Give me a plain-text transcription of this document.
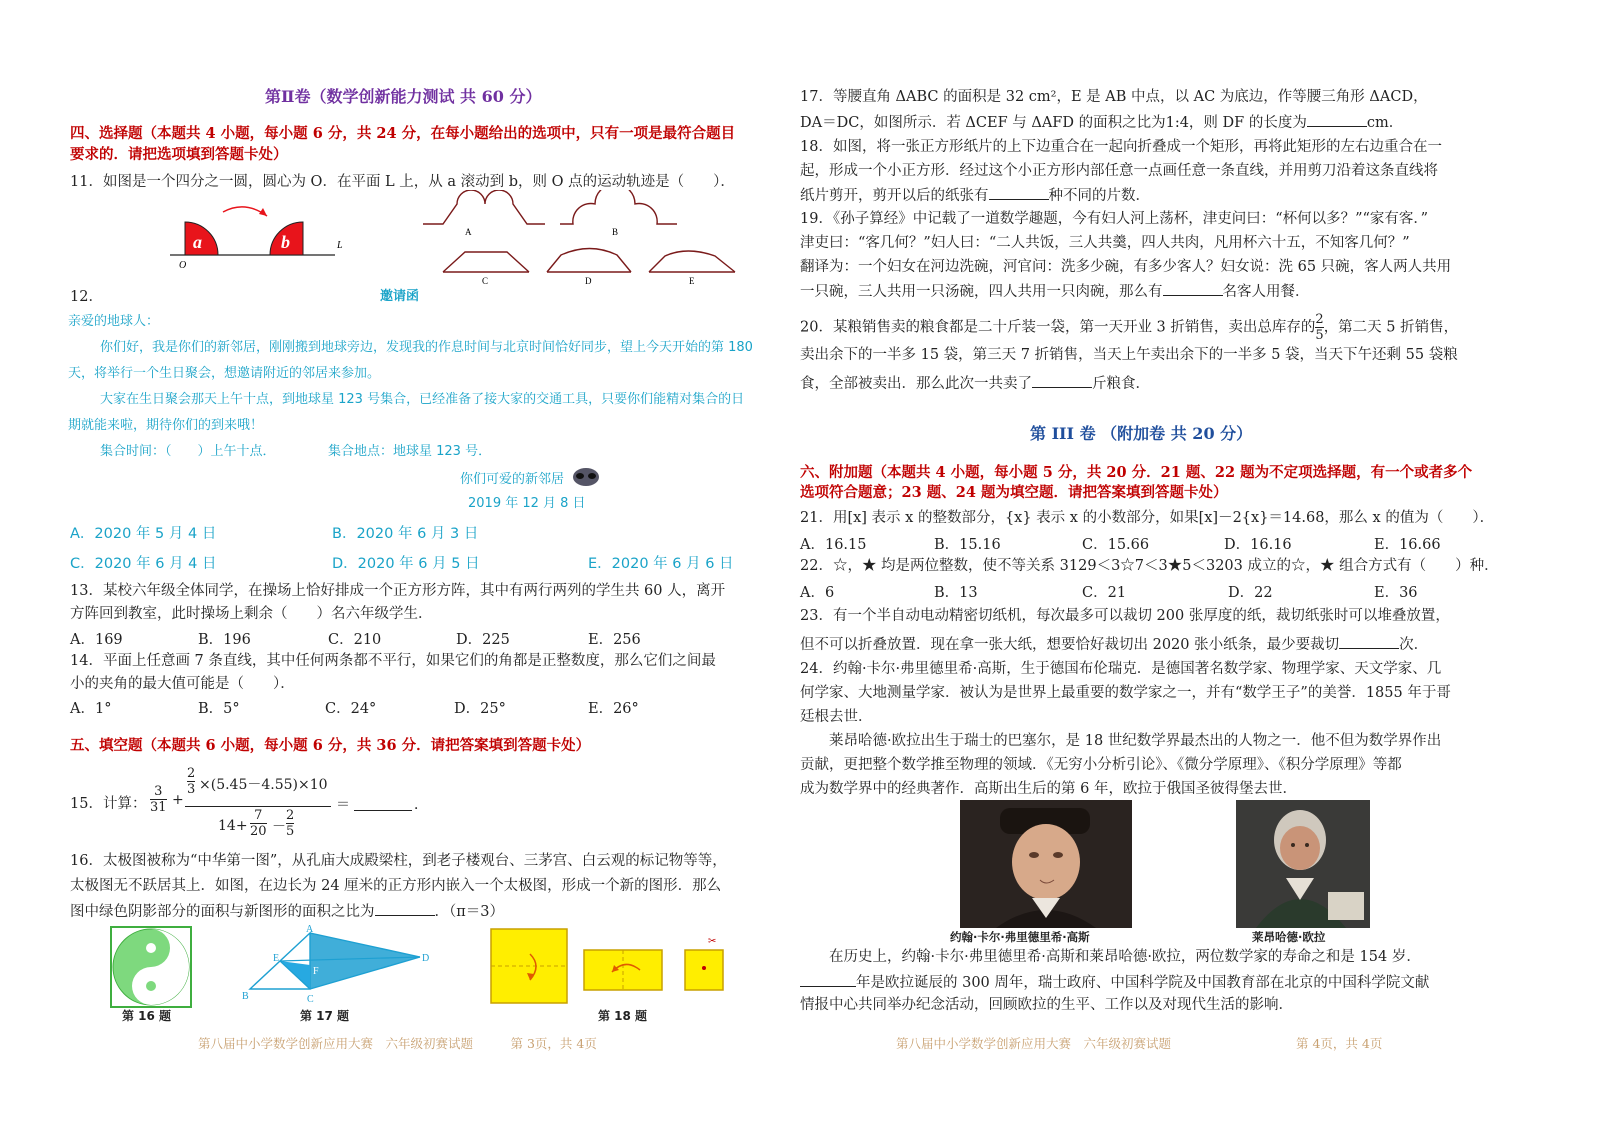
第Ⅱ卷（数学创新能力测试 共 60 分）
四、选择题（本题共 4 小题，每小题 6 分，共 24 分，在每小题给出的选项中，只有一项是最符合题目
要求的．请把选项填到答题卡处）
11．如图是一个四分之一圆，圆心为 O．在平面 L 上，从 a 滚动到 b，则 O 点的运动轨迹是（　　）．
a	b
O
L
A	B
C	D	E
12．	邀请函
亲爱的地球人：
你们好，我是你们的新邻居，刚刚搬到地球旁边，发现我的作息时间与北京时间恰好同步，望上今天开始的第 180
天，将举行一个生日聚会，想邀请附近的邻居来参加。
大家在生日聚会那天上午十点，到地球星 123 号集合，已经准备了接大家的交通工具，只要你们能精对集合的日
期就能来啦，期待你们的到来哦！
集合时间：（　　）上午十点．	集合地点：地球星 123 号．
你们可爱的新邻居
2019 年 12 月 8 日
A．2020 年 5 月 4 日	B．2020 年 6 月 3 日
C．2020 年 6 月 4 日	D．2020 年 6 月 5 日	E．2020 年 6 月 6 日
13．某校六年级全体同学，在操场上恰好排成一个正方形方阵，其中有两行两列的学生共 60 人，离开
方阵回到教室，此时操场上剩余（　　）名六年级学生．
A．169	B．196	C．210	D．225	E．256
14．平面上任意画 7 条直线，其中任何两条都不平行，如果它们的角都是正整数度，那么它们之间最
小的夹角的最大值可能是（　　）．
A．1°	B．5°	C．24°	D．25°	E．26°
五、填空题（本题共 6 小题，每小题 6 分，共 36 分．请把答案填到答题卡处）
15．计算： $\frac{3}{31}$ +
$\frac{2}{3} \times(5.45-4.55)\times 10$
$14+ \frac{7}{20} - \frac{2}{5}$
＝	．
16．太极图被称为“中华第一图”，从孔庙大成殿梁柱，到老子楼观台、三茅宫、白云观的标记物等等，
太极图无不跃居其上．如图，在边长为 24 厘米的正方形内嵌入一个太极图，形成一个新的图形．那么
图中绿色阴影部分的面积与新图形的面积之比为	．（π＝3）
第 16 题
A
B	C
D
E
F
第 17 题
✂
第 18 题
第八届中小学数学创新应用大赛　六年级初赛试题　　　第 3页，共 4页
17．等腰直角 ΔABC 的面积是 32 cm²，E 是 AB 中点，以 AC 为底边，作等腰三角形 ΔACD，
DA＝DC，如图所示．若 ΔCEF 与 ΔAFD 的面积之比为1:4，则 DF 的长度为	cm．
18．如图，将一张正方形纸片的上下边重合在一起向折叠成一个矩形，再将此矩形的左右边重合在一
起，形成一个小正方形．经过这个小正方形内部任意一点画任意一条直线，并用剪刀沿着这条直线将
纸片剪开，剪开以后的纸张有	种不同的片数．
19．《孙子算经》中记载了一道数学趣题，今有妇人河上荡杯，津吏问曰：“杯何以多？”“家有客．”
津吏曰：“客几何？”妇人曰：“二人共饭，三人共羹，四人共肉，凡用杯六十五，不知客几何？”
翻译为：一个妇女在河边洗碗，河官问：洗多少碗，有多少客人？妇女说：洗 65 只碗，客人两人共用
一只碗，三人共用一只汤碗，四人共用一只肉碗，那么有	名客人用餐．
20．某粮销售卖的粮食都是二十斤装一袋，第一天开业 3 折销售，卖出总库存的 $\frac{2}{5}$ ，第二天 5 折销售，
卖出余下的一半多 15 袋，第三天 7 折销售，当天上午卖出余下的一半多 5 袋，当天下午还剩 55 袋粮
食，全部被卖出．那么此次一共卖了	斤粮食．
第 III 卷 （附加卷 共 20 分）
六、附加题（本题共 4 小题，每小题 5 分，共 20 分．21 题、22 题为不定项选择题，有一个或者多个
选项符合题意；23 题、24 题为填空题．请把答案填到答题卡处）
21．用[x] 表示 x 的整数部分，{x} 表示 x 的小数部分，如果[x]－2{x}＝14.68，那么 x 的值为（　　）．
A．16.15	B．15.16	C．15.66	D．16.16	E．16.66
22．☆，★ 均是两位整数，使不等关系 3129＜3☆7＜3★5＜3203 成立的☆，★ 组合方式有（　　）种．
A．6	B．13	C．21	D．22	E．36
23．有一个半自动电动精密切纸机，每次最多可以裁切 200 张厚度的纸，裁切纸张时可以堆叠放置，
但不可以折叠放置．现在拿一张大纸，想要恰好裁切出 2020 张小纸条，最少要裁切	次．
24．约翰·卡尔·弗里德里希·高斯，生于德国布伦瑞克．是德国著名数学家、物理学家、天文学家、几
何学家、大地测量学家．被认为是世界上最重要的数学家之一，并有“数学王子”的美誉．1855 年于哥
廷根去世．
　　莱昂哈德·欧拉出生于瑞士的巴塞尔，是 18 世纪数学界最杰出的人物之一．他不但为数学界作出
贡献，更把整个数学推至物理的领域．《无穷小分析引论》、《微分学原理》、《积分学原理》等都
成为数学界中的经典著作．高斯出生后的第 6 年，欧拉于俄国圣彼得堡去世．
约翰·卡尔·弗里德里希·高斯	莱昂哈德·欧拉
　　在历史上，约翰·卡尔·弗里德里希·高斯和莱昂哈德·欧拉，两位数学家的寿命之和是 154 岁．
年是欧拉诞辰的 300 周年，瑞士政府、中国科学院及中国教育部在北京的中国科学院文献
情报中心共同举办纪念活动，回顾欧拉的生平、工作以及对现代生活的影响．
第八届中小学数学创新应用大赛　六年级初赛试题　　　　　　　　　　第 4页，共 4页
